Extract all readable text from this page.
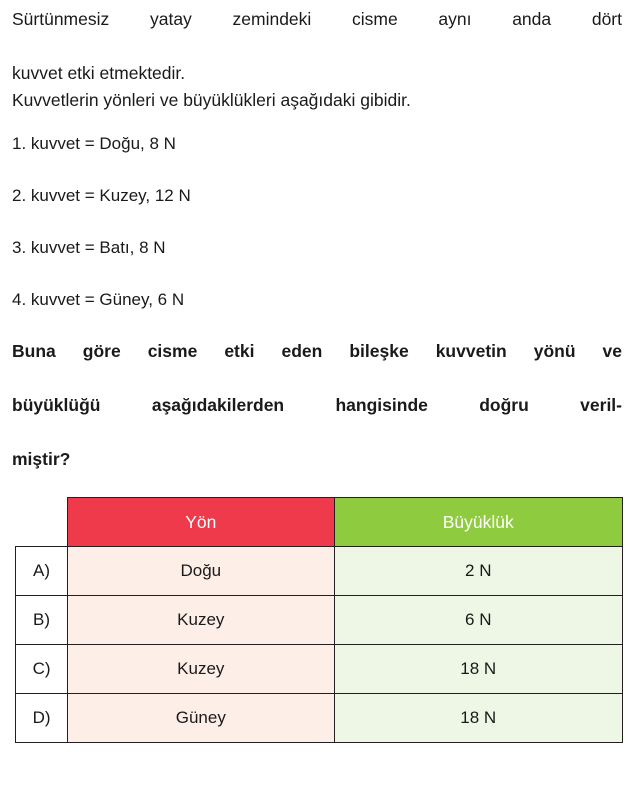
Sürtünmesiz yatay zemindeki cisme aynı anda dört

kuvvet etki etmektedir.

Kuvvetlerin yönleri ve büyüklükleri aşağıdaki gibidir.

1. kuvvet = Doğu, 8 N

2. kuvvet = Kuzey, 12 N

3. kuvvet = Batı, 8 N

4. kuvvet = Güney, 6 N

Buna göre cisme etki eden bileşke kuvvetin yönü ve

büyüklüğü aşağıdakilerden hangisinde doğru veril-

miştir?

	Yön	Büyüklük
A)	Doğu	2 N
B)	Kuzey	6 N
C)	Kuzey	18 N
D)	Güney	18 N
